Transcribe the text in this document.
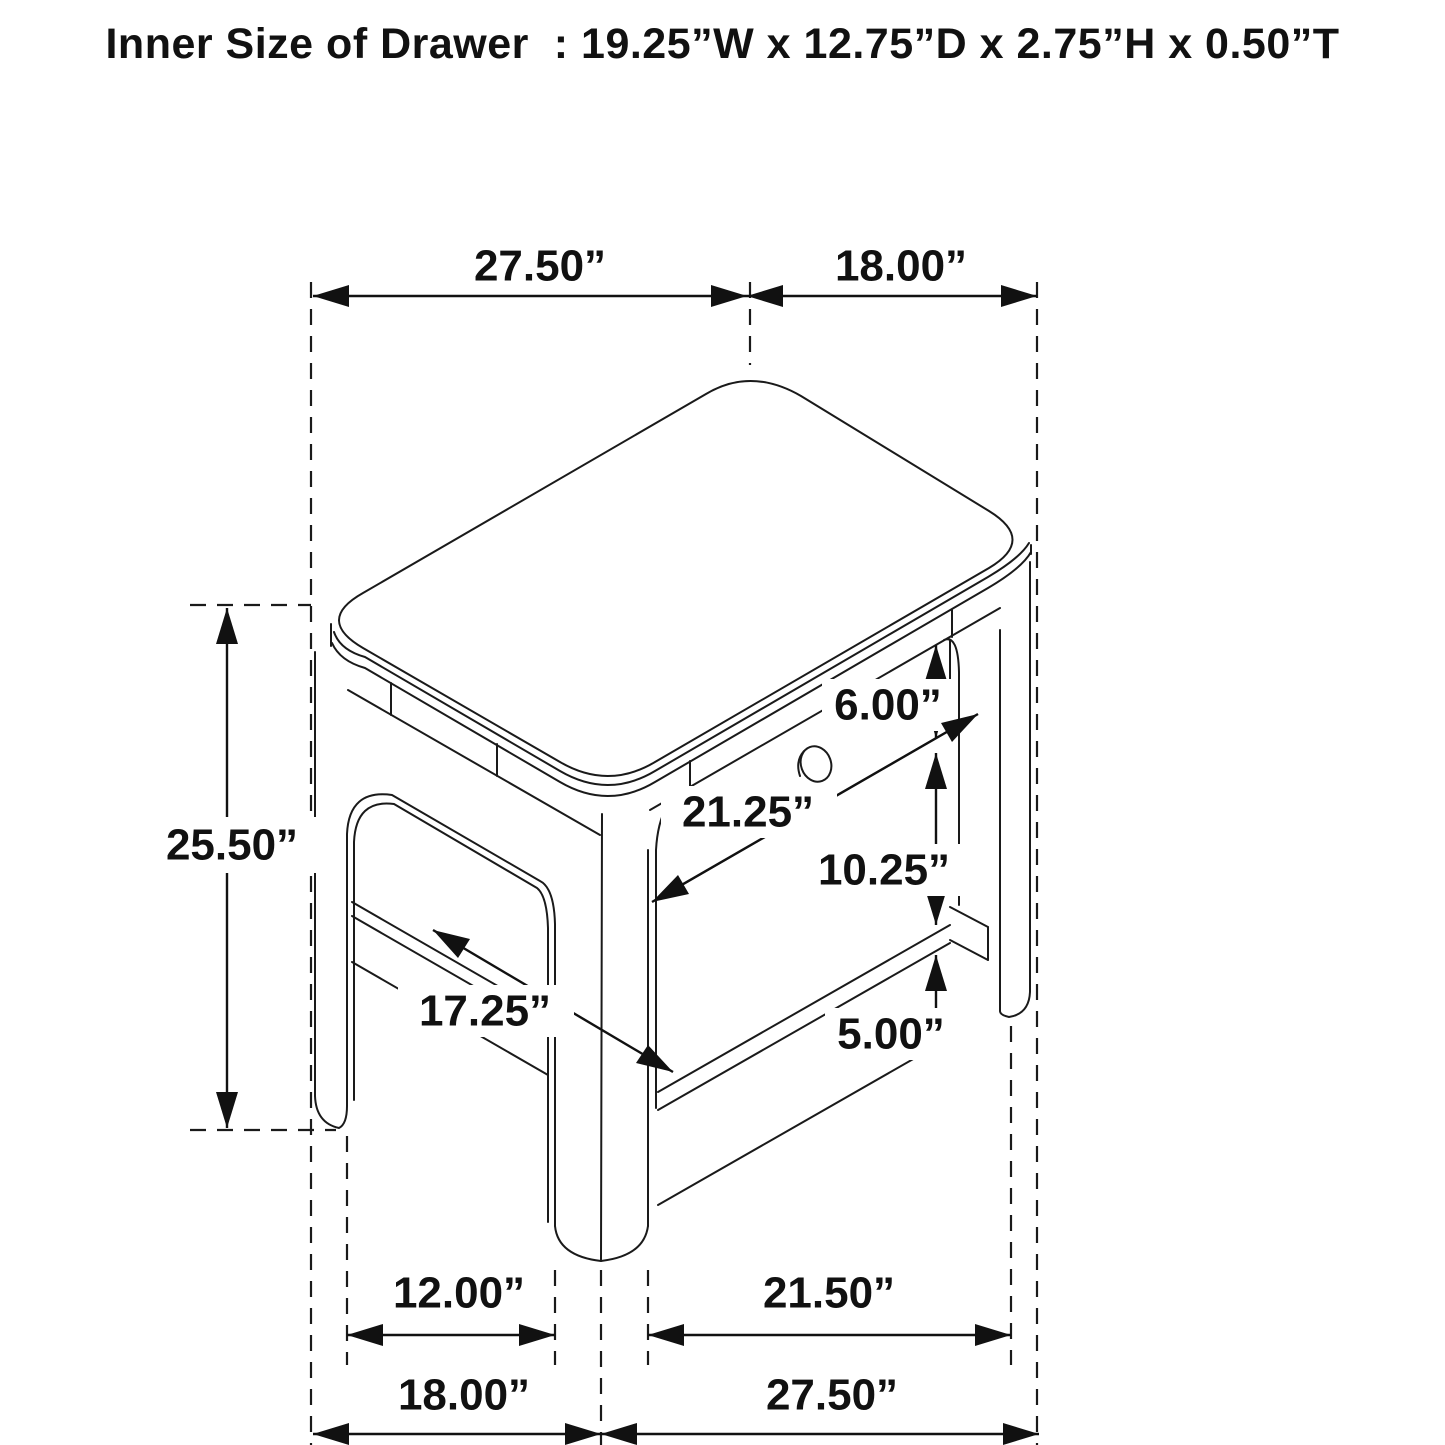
Inner Size of Drawer  : 19.25”W x 12.75”D x 2.75”H x 0.50”T
27.50”	18.00”
25.50”
6.00”
21.25”
10.25”
17.25”	5.00”
12.00”	21.50”
18.00”	27.50”
